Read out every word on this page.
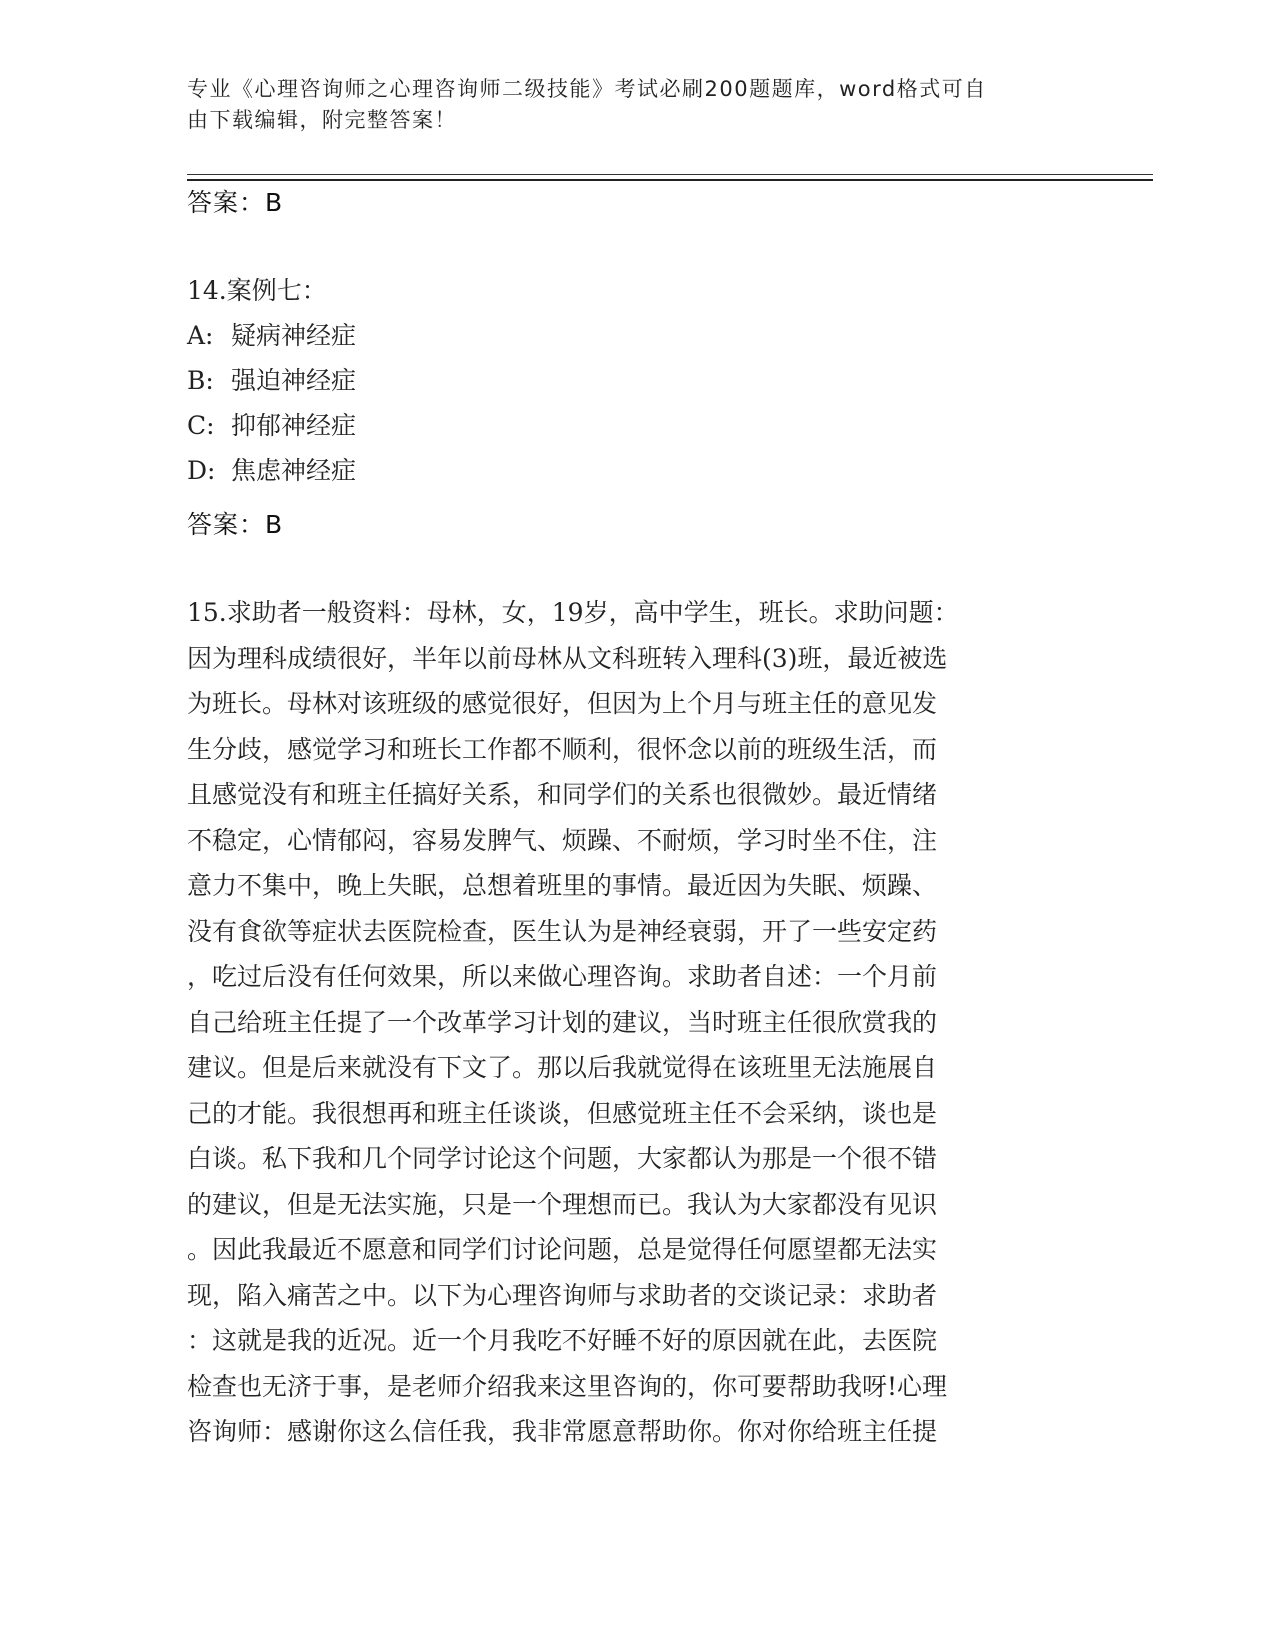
专业《心理咨询师之心理咨询师二级技能》考试必刷200题题库，word格式可自
由下载编辑，附完整答案！
答案：B
14.案例七：
A: 疑病神经症
B: 强迫神经症
C: 抑郁神经症
D: 焦虑神经症
答案：B
15.求助者一般资料：母林，女，19岁，高中学生，班长。求助问题：
因为理科成绩很好，半年以前母林从文科班转入理科(3)班，最近被选
为班长。母林对该班级的感觉很好，但因为上个月与班主任的意见发
生分歧，感觉学习和班长工作都不顺利，很怀念以前的班级生活，而
且感觉没有和班主任搞好关系，和同学们的关系也很微妙。最近情绪
不稳定，心情郁闷，容易发脾气、烦躁、不耐烦，学习时坐不住，注
意力不集中，晚上失眠，总想着班里的事情。最近因为失眠、烦躁、
没有食欲等症状去医院检查，医生认为是神经衰弱，开了一些安定药
，吃过后没有任何效果，所以来做心理咨询。求助者自述：一个月前
自己给班主任提了一个改革学习计划的建议，当时班主任很欣赏我的
建议。但是后来就没有下文了。那以后我就觉得在该班里无法施展自
己的才能。我很想再和班主任谈谈，但感觉班主任不会采纳，谈也是
白谈。私下我和几个同学讨论这个问题，大家都认为那是一个很不错
的建议，但是无法实施，只是一个理想而已。我认为大家都没有见识
。因此我最近不愿意和同学们讨论问题，总是觉得任何愿望都无法实
现，陷入痛苦之中。以下为心理咨询师与求助者的交谈记录：求助者
：这就是我的近况。近一个月我吃不好睡不好的原因就在此，去医院
检查也无济于事，是老师介绍我来这里咨询的，你可要帮助我呀!心理
咨询师：感谢你这么信任我，我非常愿意帮助你。你对你给班主任提
